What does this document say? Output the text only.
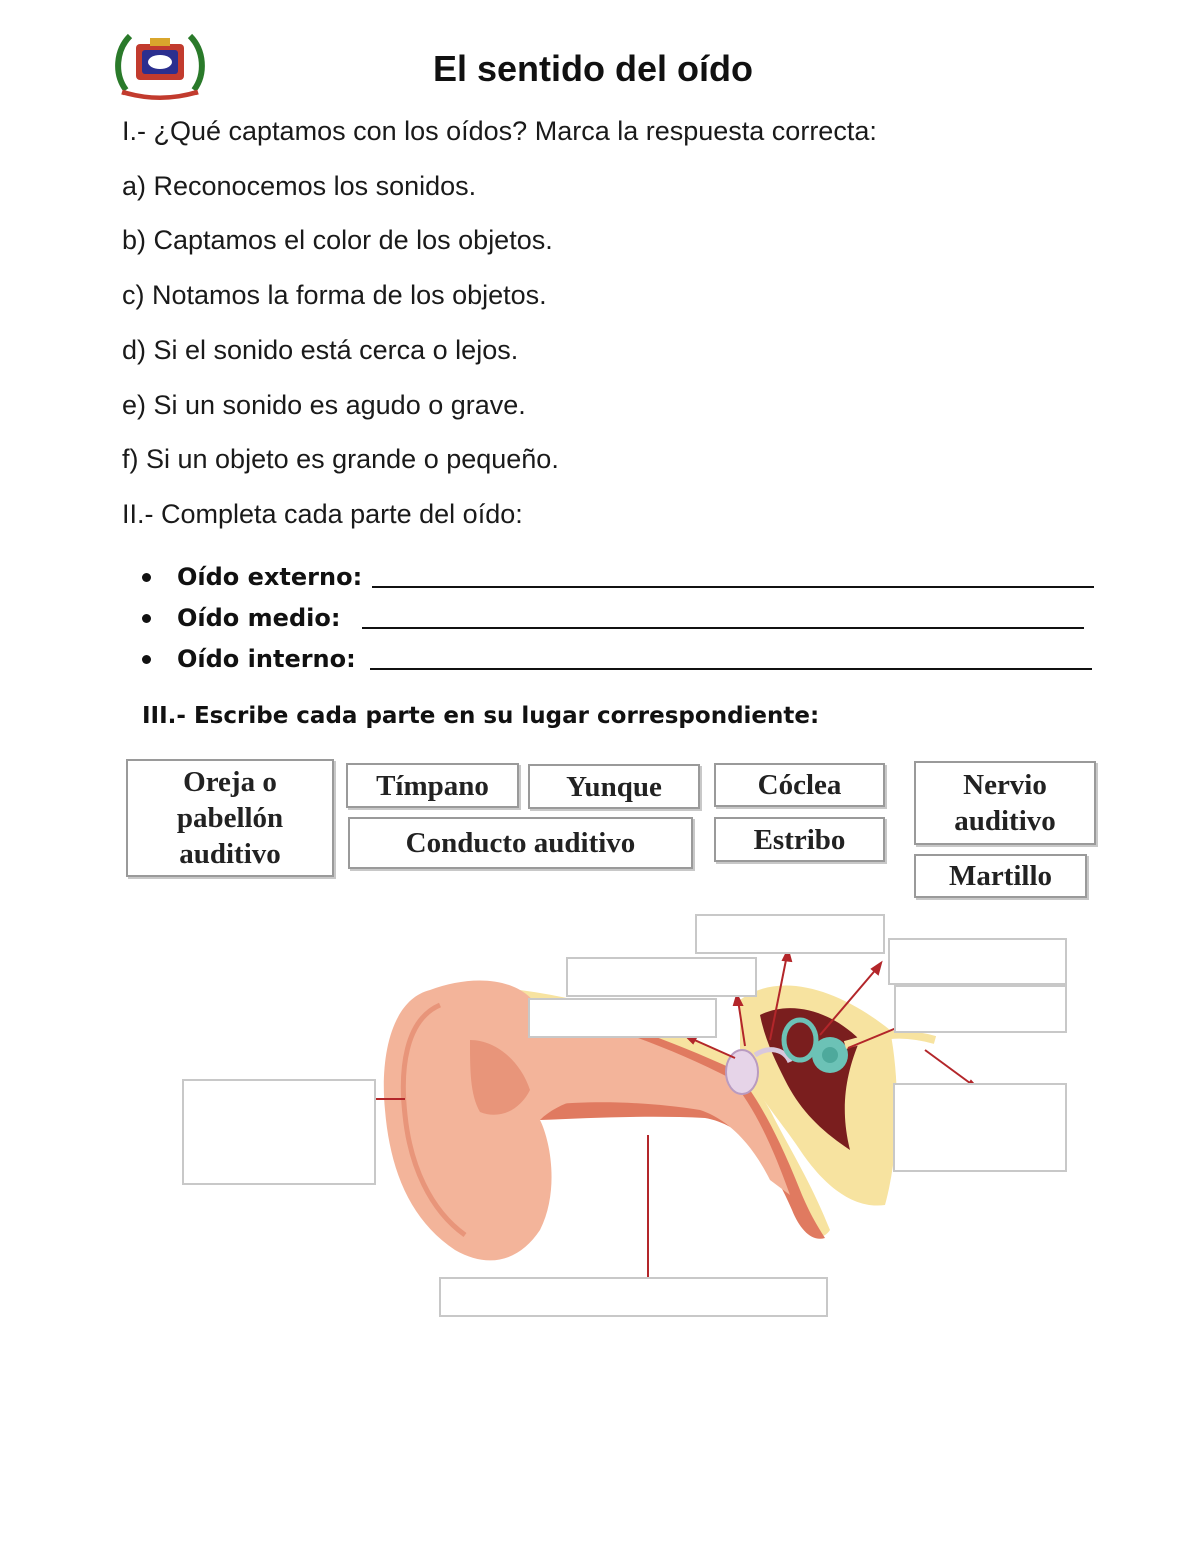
El sentido del oído
I.- ¿Qué captamos con los oídos? Marca la respuesta correcta:
a) Reconocemos los sonidos.
b) Captamos el color de los objetos.
c) Notamos la forma de los objetos.
d) Si el sonido está cerca o lejos.
e) Si un sonido es agudo o grave.
f) Si un objeto es grande o pequeño.
II.- Completa cada parte del oído:
Oído externo:
Oído medio:
Oído interno:
III.- Escribe cada parte en su lugar correspondiente:
Oreja o pabellón auditivo
Tímpano	Yunque	Cóclea	Nervio auditivo
Conducto auditivo	Estribo
Martillo
